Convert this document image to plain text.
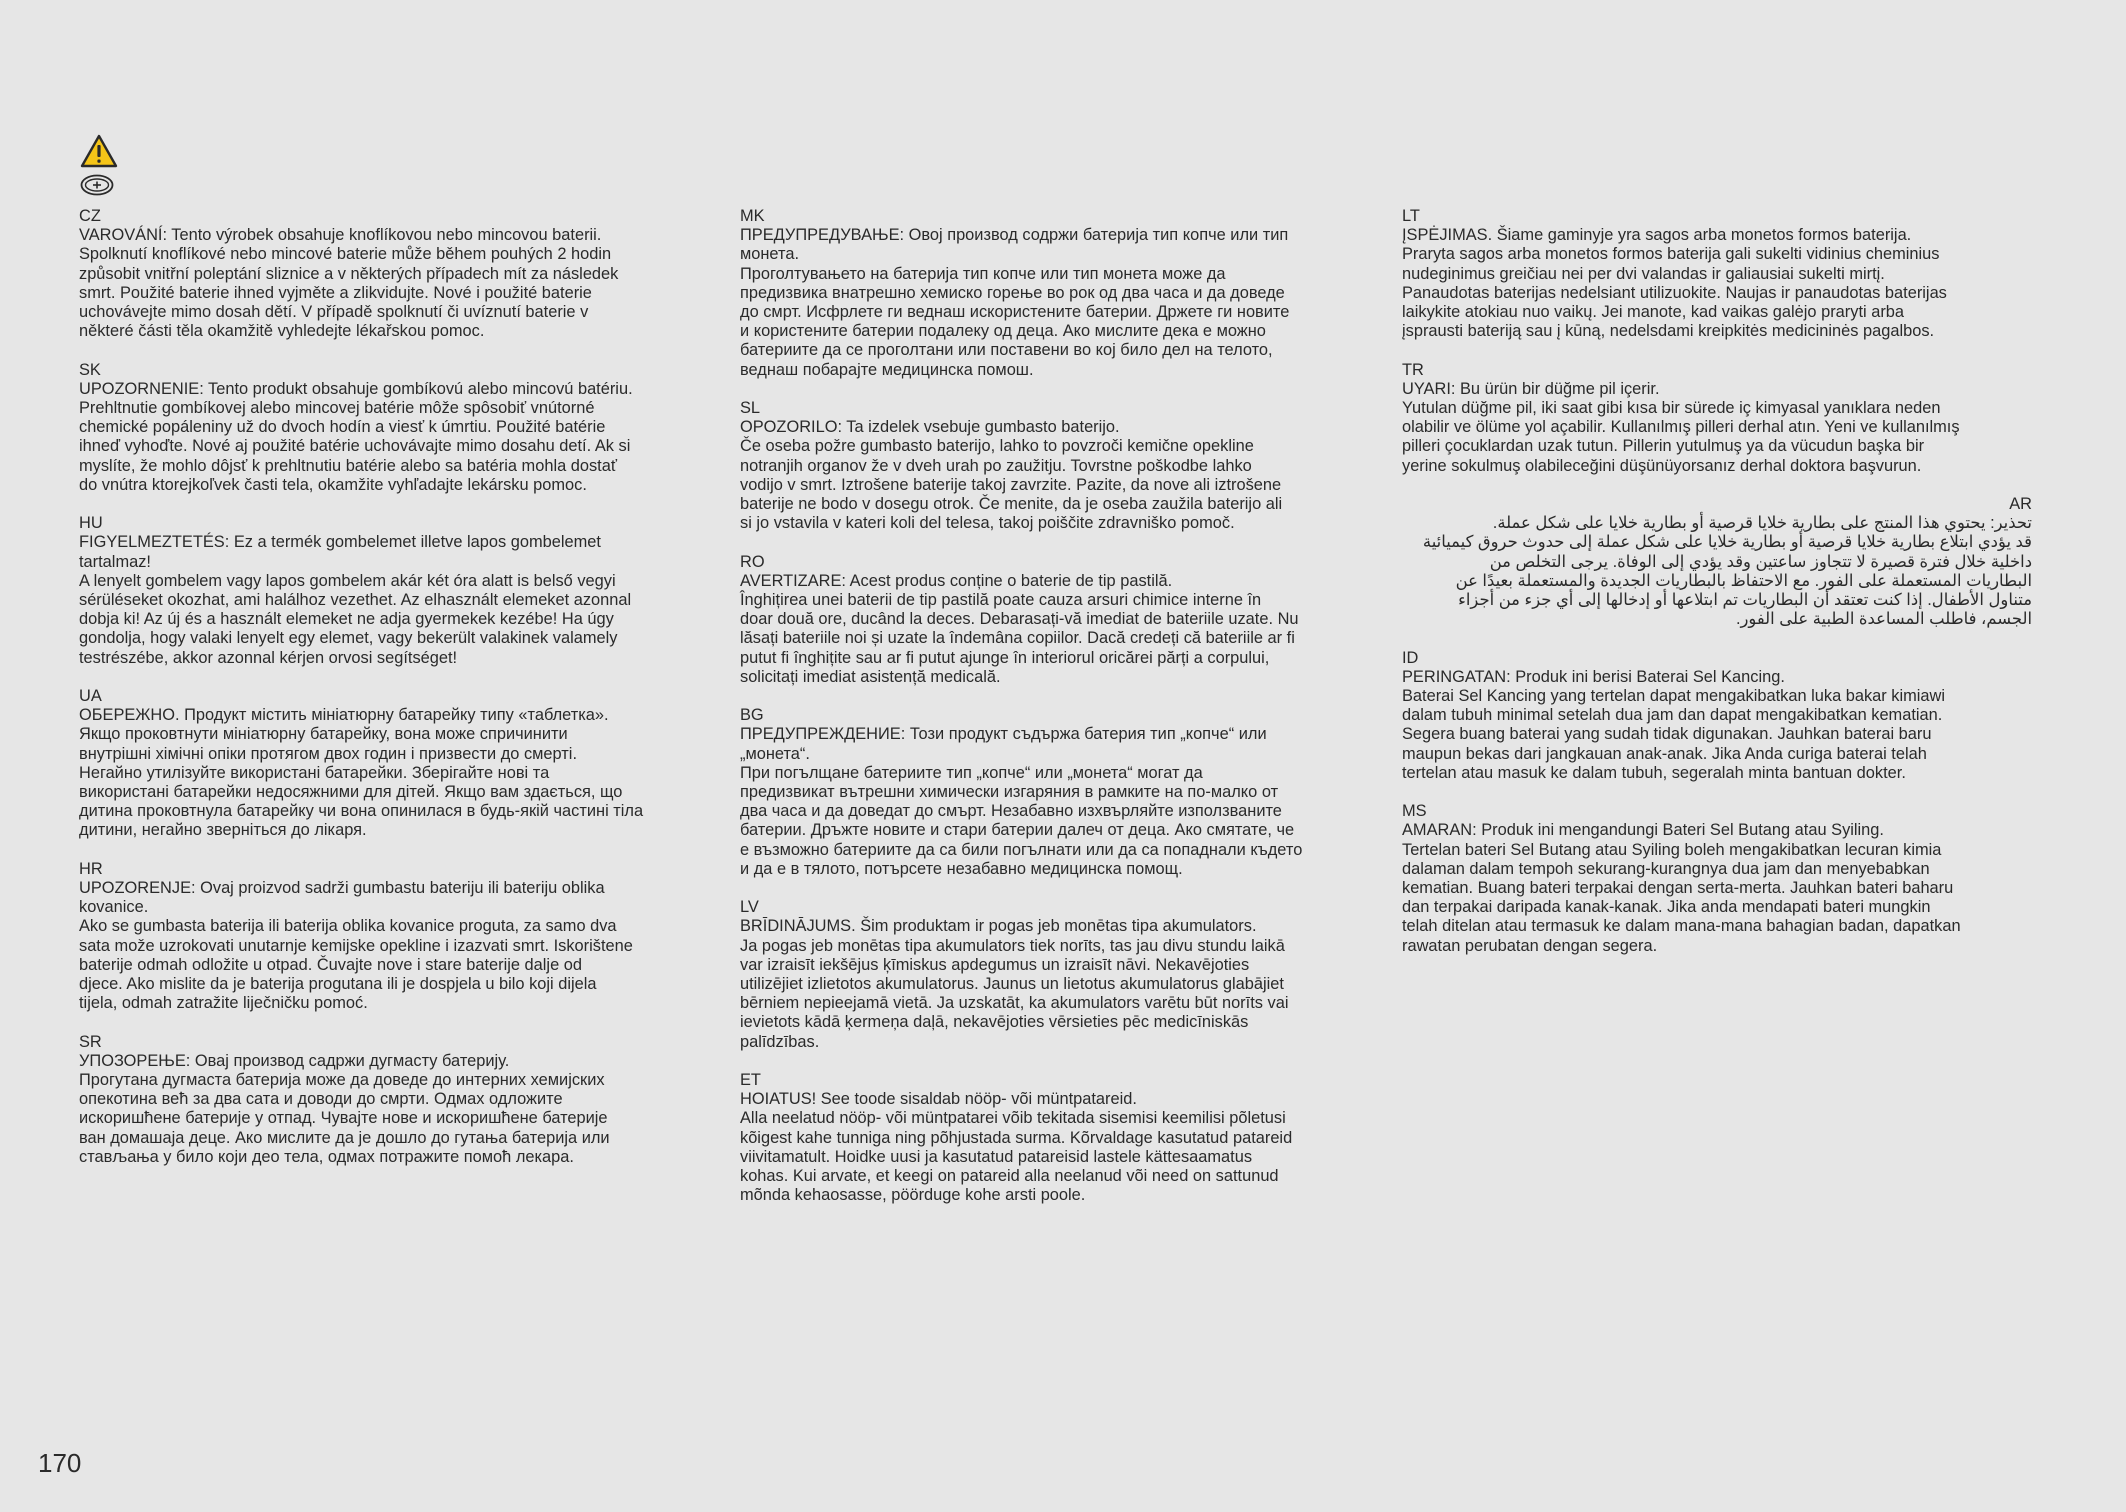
CZ
VAROVÁNÍ: Tento výrobek obsahuje knoflíkovou nebo mincovou baterii.
Spolknutí knoflíkové nebo mincové baterie může během pouhých 2 hodin
způsobit vnitřní poleptání sliznice a v některých případech mít za následek
smrt. Použité baterie ihned vyjměte a zlikvidujte. Nové i použité baterie
uchovávejte mimo dosah dětí. V případě spolknutí či uvíznutí baterie v
některé části těla okamžitě vyhledejte lékařskou pomoc.
SK
UPOZORNENIE: Tento produkt obsahuje gombíkovú alebo mincovú batériu.
Prehltnutie gombíkovej alebo mincovej batérie môže spôsobiť vnútorné
chemické popáleniny už do dvoch hodín a viesť k úmrtiu. Použité batérie
ihneď vyhoďte. Nové aj použité batérie uchovávajte mimo dosahu detí. Ak si
myslíte, že mohlo dôjsť k prehltnutiu batérie alebo sa batéria mohla dostať
do vnútra ktorejkoľvek časti tela, okamžite vyhľadajte lekársku pomoc.
HU
FIGYELMEZTETÉS: Ez a termék gombelemet illetve lapos gombelemet
tartalmaz!
A lenyelt gombelem vagy lapos gombelem akár két óra alatt is belső vegyi
sérüléseket okozhat, ami halálhoz vezethet. Az elhasznált elemeket azonnal
dobja ki! Az új és a használt elemeket ne adja gyermekek kezébe! Ha úgy
gondolja, hogy valaki lenyelt egy elemet, vagy bekerült valakinek valamely
testrészébe, akkor azonnal kérjen orvosi segítséget!
UA
ОБЕРЕЖНО. Продукт містить мініатюрну батарейку типу «таблетка».
Якщо проковтнути мініатюрну батарейку, вона може спричинити
внутрішні хімічні опіки протягом двох годин і призвести до смерті.
Негайно утилізуйте використані батарейки. Зберігайте нові та
використані батарейки недосяжними для дітей. Якщо вам здається, що
дитина проковтнула батарейку чи вона опинилася в будь-якій частині тіла
дитини, негайно зверніться до лікаря.
HR
UPOZORENJE: Ovaj proizvod sadrži gumbastu bateriju ili bateriju oblika
kovanice.
Ako se gumbasta baterija ili baterija oblika kovanice proguta, za samo dva
sata može uzrokovati unutarnje kemijske opekline i izazvati smrt. Iskorištene
baterije odmah odložite u otpad. Čuvajte nove i stare baterije dalje od
djece. Ako mislite da je baterija progutana ili je dospjela u bilo koji dijela
tijela, odmah zatražite liječničku pomoć.
SR
УПОЗОРЕЊЕ: Овај производ садржи дугмасту батерију.
Прогутана дугмаста батерија може да доведе до интерних хемијских
опекотина већ за два сата и доводи до смрти. Одмах одложите
искоришћене батерије у отпад. Чувајте нове и искоришћене батерије
ван домашаја деце. Ако мислите да је дошло до гутања батерија или
стављања у било који део тела, одмах потражите помоћ лекара.
MK
ПРЕДУПРЕДУВАЊЕ: Овој производ содржи батерија тип копче или тип
монета.
Проголтувањето на батерија тип копче или тип монета може да
предизвика внатрешно хемиско горење во рок од два часа и да доведе
до смрт. Исфрлете ги веднаш искористените батерии. Држете ги новите
и користените батерии подалеку од деца. Ако мислите дека е можно
батериите да се проголтани или поставени во кој било дел на телото,
веднаш побарајте медицинска помош.
SL
OPOZORILO: Ta izdelek vsebuje gumbasto baterijo.
Če oseba požre gumbasto baterijo, lahko to povzroči kemične opekline
notranjih organov že v dveh urah po zaužitju. Tovrstne poškodbe lahko
vodijo v smrt. Iztrošene baterije takoj zavrzite. Pazite, da nove ali iztrošene
baterije ne bodo v dosegu otrok. Če menite, da je oseba zaužila baterijo ali
si jo vstavila v kateri koli del telesa, takoj poiščite zdravniško pomoč.
RO
AVERTIZARE: Acest produs conține o baterie de tip pastilă.
Înghițirea unei baterii de tip pastilă poate cauza arsuri chimice interne în
doar două ore, ducând la deces. Debarasați-vă imediat de bateriile uzate. Nu
lăsați bateriile noi și uzate la îndemâna copiilor. Dacă credeți că bateriile ar fi
putut fi înghițite sau ar fi putut ajunge în interiorul oricărei părți a corpului,
solicitați imediat asistență medicală.
BG
ПРЕДУПРЕЖДЕНИЕ: Този продукт съдържа батерия тип „копче“ или
„монета“.
При погълщане батериите тип „копче“ или „монета“ могат да
предизвикат вътрешни химически изгаряния в рамките на по-малко от
два часа и да доведат до смърт. Незабавно изхвърляйте използваните
батерии. Дръжте новите и стари батерии далеч от деца. Ако смятате, че
е възможно батериите да са били погълнати или да са попаднали където
и да е в тялото, потърсете незабавно медицинска помощ.
LV
BRĪDINĀJUMS. Šim produktam ir pogas jeb monētas tipa akumulators.
Ja pogas jeb monētas tipa akumulators tiek norīts, tas jau divu stundu laikā
var izraisīt iekšējus ķīmiskus apdegumus un izraisīt nāvi. Nekavējoties
utilizējiet izlietotos akumulatorus. Jaunus un lietotus akumulatorus glabājiet
bērniem nepieejamā vietā. Ja uzskatāt, ka akumulators varētu būt norīts vai
ievietots kādā ķermeņa daļā, nekavējoties vērsieties pēc medicīniskās
palīdzības.
ET
HOIATUS! See toode sisaldab nööp- või müntpatareid.
Alla neelatud nööp- või müntpatarei võib tekitada sisemisi keemilisi põletusi
kõigest kahe tunniga ning põhjustada surma. Kõrvaldage kasutatud patareid
viivitamatult. Hoidke uusi ja kasutatud patareisid lastele kättesaamatus
kohas. Kui arvate, et keegi on patareid alla neelanud või need on sattunud
mõnda kehaosasse, pöörduge kohe arsti poole.
LT
ĮSPĖJIMAS. Šiame gaminyje yra sagos arba monetos formos baterija.
Praryta sagos arba monetos formos baterija gali sukelti vidinius cheminius
nudeginimus greičiau nei per dvi valandas ir galiausiai sukelti mirtį.
Panaudotas baterijas nedelsiant utilizuokite. Naujas ir panaudotas baterijas
laikykite atokiau nuo vaikų. Jei manote, kad vaikas galėjo praryti arba
įsprausti bateriją sau į kūną, nedelsdami kreipkitės medicininės pagalbos.
TR
UYARI: Bu ürün bir düğme pil içerir.
Yutulan düğme pil, iki saat gibi kısa bir sürede iç kimyasal yanıklara neden
olabilir ve ölüme yol açabilir. Kullanılmış pilleri derhal atın. Yeni ve kullanılmış
pilleri çocuklardan uzak tutun. Pillerin yutulmuş ya da vücudun başka bir
yerine sokulmuş olabileceğini düşünüyorsanız derhal doktora başvurun.
AR
تحذير: يحتوي هذا المنتج على بطارية خلايا قرصية أو بطارية خلايا على شكل عملة.
قد يؤدي ابتلاع بطارية خلايا قرصية أو بطارية خلايا على شكل عملة إلى حدوث حروق كيميائية
داخلية خلال فترة قصيرة لا تتجاوز ساعتين وقد يؤدي إلى الوفاة. يرجى التخلص من
البطاريات المستعملة على الفور. مع الاحتفاظ بالبطاريات الجديدة والمستعملة بعيدًا عن
متناول الأطفال. إذا كنت تعتقد أن البطاريات تم ابتلاعها أو إدخالها إلى أي جزء من أجزاء
الجسم، فاطلب المساعدة الطبية على الفور.
ID
PERINGATAN: Produk ini berisi Baterai Sel Kancing.
Baterai Sel Kancing yang tertelan dapat mengakibatkan luka bakar kimiawi
dalam tubuh minimal setelah dua jam dan dapat mengakibatkan kematian.
Segera buang baterai yang sudah tidak digunakan. Jauhkan baterai baru
maupun bekas dari jangkauan anak-anak. Jika Anda curiga baterai telah
tertelan atau masuk ke dalam tubuh, segeralah minta bantuan dokter.
MS
AMARAN: Produk ini mengandungi Bateri Sel Butang atau Syiling.
Tertelan bateri Sel Butang atau Syiling boleh mengakibatkan lecuran kimia
dalaman dalam tempoh sekurang-kurangnya dua jam dan menyebabkan
kematian. Buang bateri terpakai dengan serta-merta. Jauhkan bateri baharu
dan terpakai daripada kanak-kanak. Jika anda mendapati bateri mungkin
telah ditelan atau termasuk ke dalam mana-mana bahagian badan, dapatkan
rawatan perubatan dengan segera.
170
